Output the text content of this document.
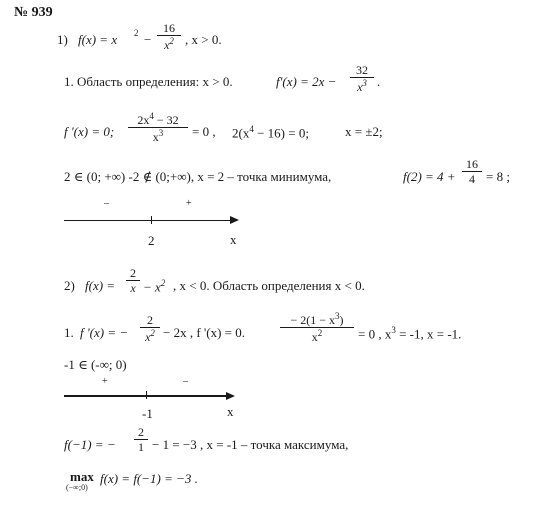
№ 939
1) f(x) = x 2 −
16
$x^2$ , x > 0.
1. Область определения: x > 0.	f'(x) = 2x −
32
$x^3$ .
f '(x) = 0;
$2x^4 - 32$
$x^3$	= 0 , $2(x^4 - 16) = 0$;	x = ±2;
2 ∈ (0; +∞) -2 ∉ (0;+∞), x = 2 – точка минимума,	f(2) = 4 +
16
4 = 8 ;
–	+
2	x
2) f(x) =
2
$x - x^2$ , x < 0. Область определения x < 0.
1. f '(x) = −
2
$x^2 - 2x$ , f '(x) = 0.
− $2(1 - x^3)$
$x^2$	= 0 , $x^3 = -1$, x = -1.
-1 ∈ (-∞; 0)
+	–
-1	x
f(−1) = −
2
1 − 1 = −3 , x = -1 – точка максимума,
max
(−∞;0)
f(x) = f(−1) = −3 .
